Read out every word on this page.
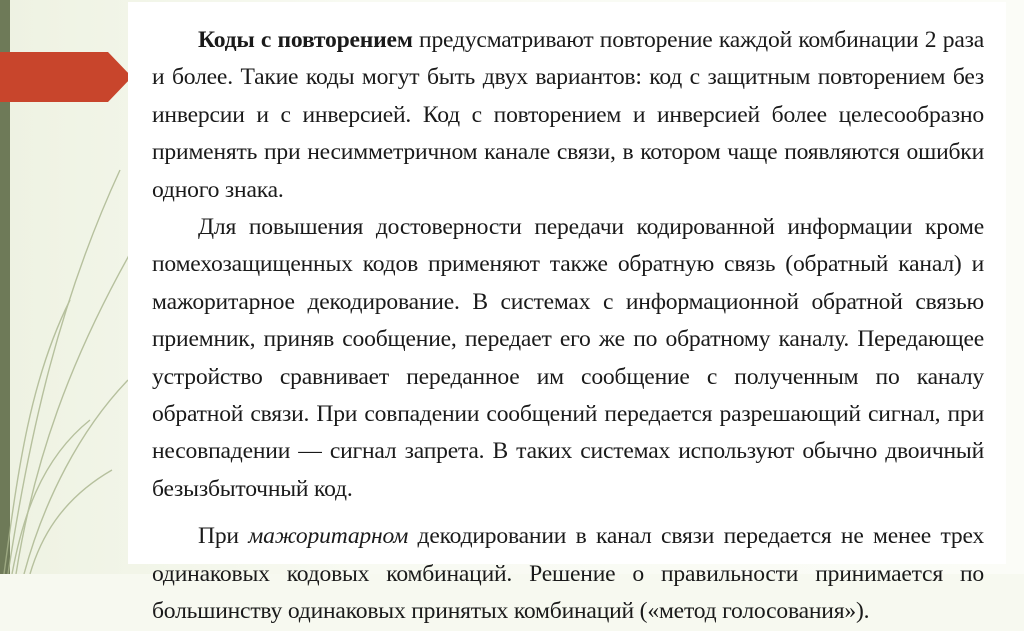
Коды с повторением предусматривают повторение каждой комбинации 2 раза и более. Такие коды могут быть двух вариантов: код с защитным повторением без инверсии и с инверсией. Код с повторением и инверсией более целесообразно применять при несимметричном канале связи, в котором чаще появляются ошибки одного знака.

Для повышения достоверности передачи кодированной информации кроме помехозащищенных кодов применяют также обратную связь (обратный канал) и мажоритарное декодирование. В системах с информационной обратной связью приемник, приняв сообщение, передает его же по обратному каналу. Передающее устройство сравнивает переданное им сообщение с полученным по каналу обратной связи. При совпадении сообщений передается разрешающий сигнал, при несовпадении — сигнал запрета. В таких системах используют обычно двоичный безызбыточный код.

При мажоритарном декодировании в канал связи передается не менее трех одинаковых кодовых комбинаций. Решение о правильности принимается по большинству одинаковых принятых комбинаций («метод голосования»).
